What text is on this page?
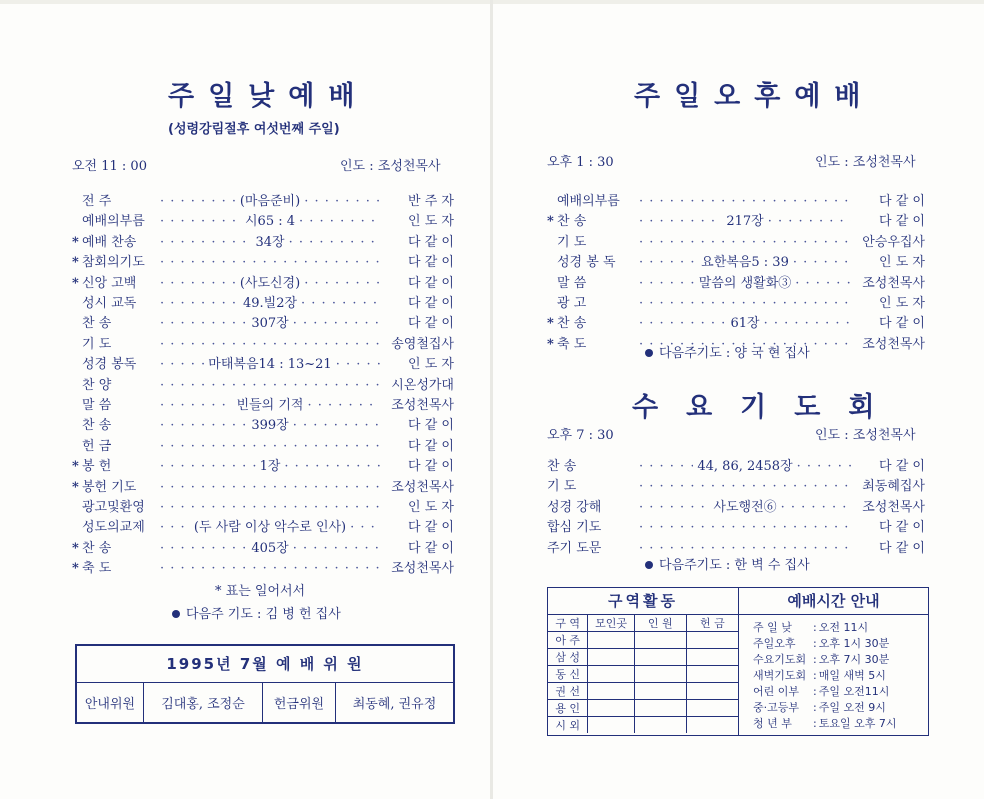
주일낮예배
(성령강림절후 여섯번째 주일)
오전 11 : 00	인도 : 조성천목사
전 주 · · ·	(마음준비) · · ·	반 주 자
예배의부름 · · ·	시65 : 4 · · ·	인 도 자
* 예배 찬송 · · ·	34장 · · ·	다 같 이
* 참회의기도 · · ·	다 같 이
* 신앙 고백 · · ·	(사도신경) · · ·	다 같 이
성시 교독 · · ·	49.빌2장 · · ·	다 같 이
찬 송 · · ·	307장 · · ·	다 같 이
기 도 · · ·	송영철집사
성경 봉독 · · ·	마태복음14 : 13~21 · · ·	인 도 자
찬 양 · · ·	시온성가대
말 씀 · · ·	빈들의 기적 · · ·	조성천목사
찬 송 · · ·	399장 · · ·	다 같 이
헌 금 · · ·	다 같 이
* 봉 헌 · · ·	1장 · · ·	다 같 이
* 봉헌 기도 · · ·	조성천목사
광고및환영 · · ·	인 도 자
성도의교제 · · ·	(두 사람 이상 악수로 인사) · · ·	다 같 이
* 찬 송 · · ·	405장 · · ·	다 같 이
* 축 도 · · ·	조성천목사
* 표는 일어서서
다음주 기도 : 김 병 헌 집사
1995년 7월 예 배 위 원
안내위원	김대홍, 조정순	헌금위원	최동혜, 권유정
주일오후예배
오후 1 : 30	인도 : 조성천목사
예배의부름 · · ·	다 같 이
* 찬 송 · · ·	217장 · · ·	다 같 이
기 도 · · ·	안승우집사
성경 봉 독 · · ·	요한복음5 : 39 · · ·	인 도 자
말 씀 · · ·	말씀의 생활화③ · · ·	조성천목사
광 고 · · ·	인 도 자
* 찬 송 · · ·	61장 · · ·	다 같 이
* 축 도 · · ·	조성천목사
다음주기도 : 양 국 현 집사
수요기도회
오후 7 : 30	인도 : 조성천목사
찬 송 · · ·	44, 86, 2458장 · · ·	다 같 이
기 도 · · ·	최동혜집사
성경 강해 · · ·	사도행전⑥ · · ·	조성천목사
합심 기도 · · ·	다 같 이
주기 도문 · · ·	다 같 이
다음주기도 : 한 벽 수 집사
구역활동
구 역	모인곳	인 원	헌 금
아 주			
삼 성			
동 신			
권 선			
용 인			
시 외			
예배시간 안내
주 일 낮	: 오전 11시
주일오후	: 오후 1시 30분
수요기도회 : 오후 7시 30분
새벽기도회 : 매일 새벽 5시
어린 이부	: 주일 오전11시
중·고등부	: 주일 오전 9시
청 년 부	: 토요일 오후 7시
